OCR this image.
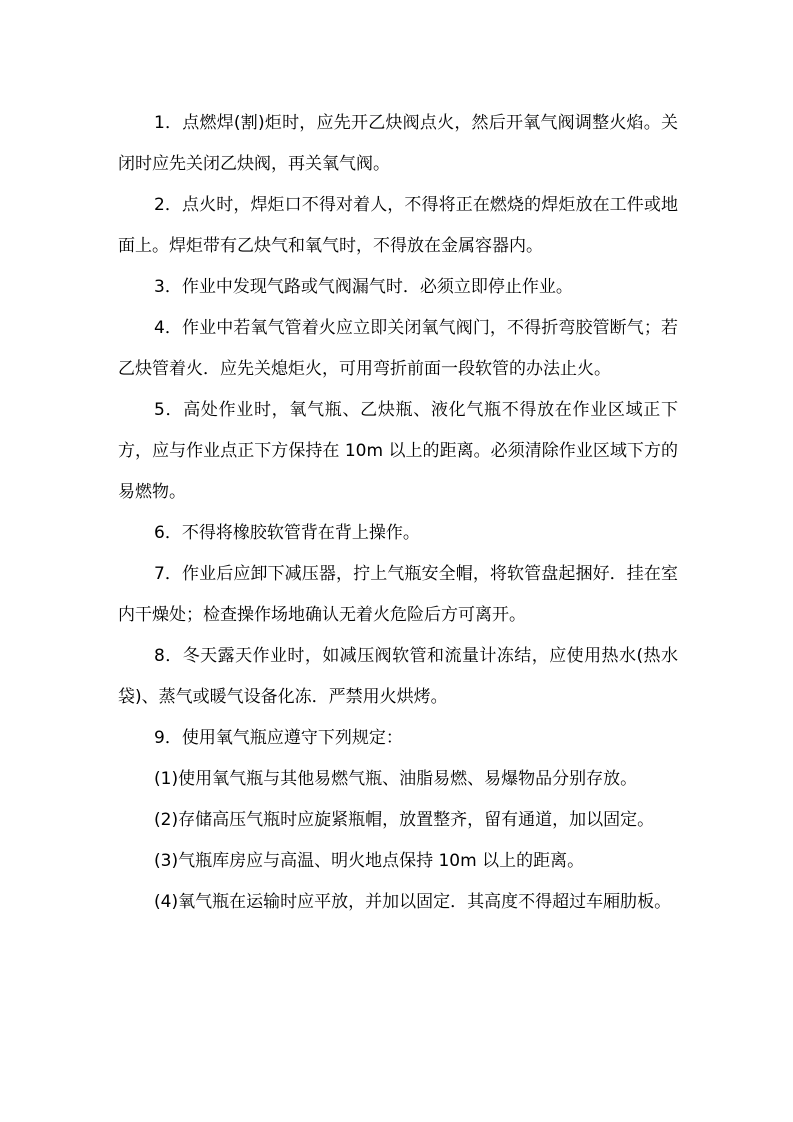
1．点燃焊(割)炬时，应先开乙炔阀点火，然后开氧气阀调整火焰。关闭时应先关闭乙炔阀，再关氧气阀。

2．点火时，焊炬口不得对着人，不得将正在燃烧的焊炬放在工件或地面上。焊炬带有乙炔气和氧气时，不得放在金属容器内。

3．作业中发现气路或气阀漏气时．必须立即停止作业。

4．作业中若氧气管着火应立即关闭氧气阀门，不得折弯胶管断气；若乙炔管着火．应先关熄炬火，可用弯折前面一段软管的办法止火。

5．高处作业时，氧气瓶、乙炔瓶、液化气瓶不得放在作业区域正下方，应与作业点正下方保持在 10m 以上的距离。必须清除作业区域下方的易燃物。

6．不得将橡胶软管背在背上操作。

7．作业后应卸下减压器，拧上气瓶安全帽，将软管盘起捆好．挂在室内干燥处；检查操作场地确认无着火危险后方可离开。

8．冬天露天作业时，如减压阀软管和流量计冻结，应使用热水(热水袋)、蒸气或暖气设备化冻．严禁用火烘烤。

9．使用氧气瓶应遵守下列规定：

(1)使用氧气瓶与其他易燃气瓶、油脂易燃、易爆物品分别存放。

(2)存储高压气瓶时应旋紧瓶帽，放置整齐，留有通道，加以固定。

(3)气瓶库房应与高温、明火地点保持 10m 以上的距离。

(4)氧气瓶在运输时应平放，并加以固定．其高度不得超过车厢肋板。
